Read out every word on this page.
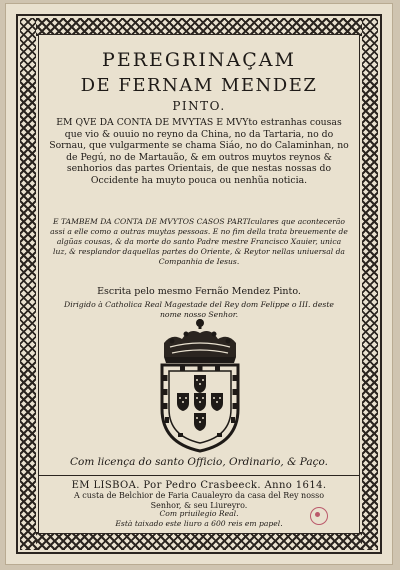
PEREGRINAÇAM
DE FERNAM MENDEZ
PINTO.
EM QVE DA CONTA DE MVYTAS E MVYto estranhas cousas que vio & ouuio no reyno da China, no da Tartaria, no do Sornau, que vulgarmente se chama Siáo, no do Calaminhan, no de Pegú, no de Martauão, & em outros muytos reynos & senhorios das partes Orientais, de que nestas nossas do Occidente ha muyto pouca ou nenhũa noticia.
E TAMBEM DA CONTA DE MVYTOS CASOS PARTIculares que acontecerão assi a elle como a outras muytas pessoas. E no fim della trata breuemente de algũas cousas, & da morte do santo Padre mestre Francisco Xauier, unica luz, & resplandor daquellas partes do Oriente, & Reytor nellas uniuersal da Companhia de Iesus.
Escrita pelo mesmo Fernão Mendez Pinto.
Dirigido à Catholica Real Magestade del Rey dom Felippe o III. deste nome nosso Senhor.
Com licença do santo Officio, Ordinario, & Paço.
EM LISBOA. Por Pedro Crasbeeck. Anno 1614.
A custa de Belchior de Faria Caualeyro da casa del Rey nosso
Senhor, & seu Liureyro.
Com priuilegio Real.
Està taixado este liuro a 600 reis em papel.
